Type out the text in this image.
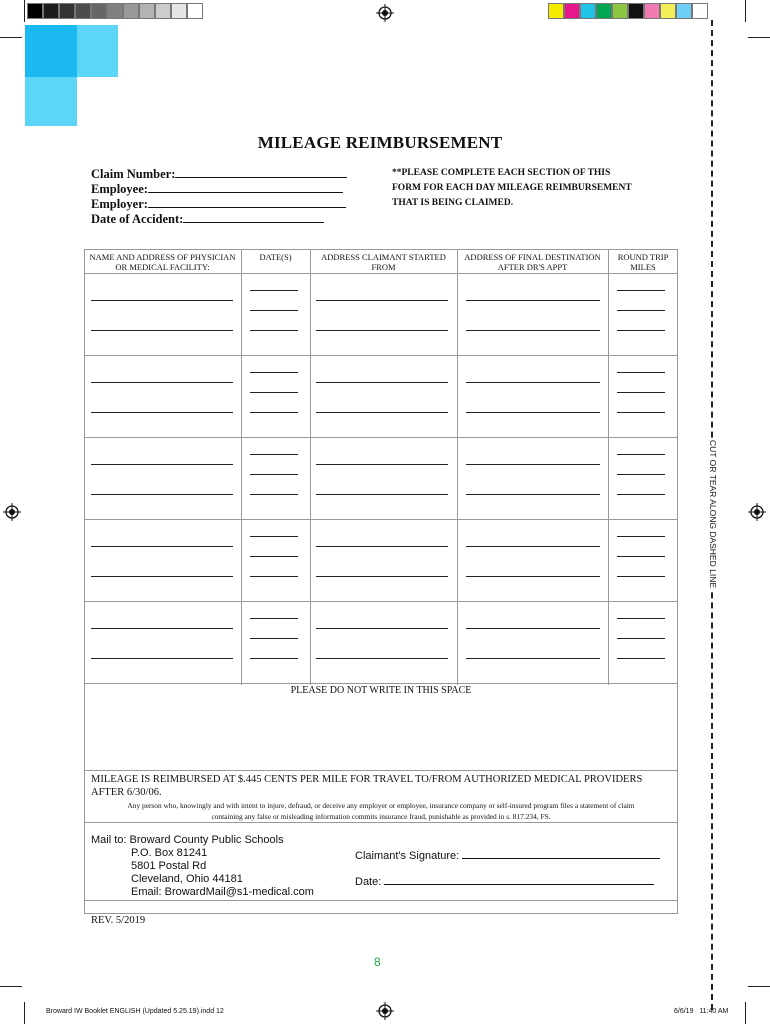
CUT OR TEAR ALONG DASHED LINE
MILEAGE REIMBURSEMENT
Claim Number:
Employee:
Employer:
Date of Accident:
**PLEASE COMPLETE EACH SECTION OF THIS
FORM FOR EACH DAY MILEAGE REIMBURSEMENT
THAT IS BEING CLAIMED.
NAME AND ADDRESS OF PHYSICIAN
OR MEDICAL FACILITY:
DATE(S)	ADDRESS CLAIMANT STARTED
FROM
ADDRESS OF FINAL DESTINATION
AFTER DR'S APPT
ROUND TRIP
MILES
PLEASE DO NOT WRITE IN THIS SPACE
MILEAGE IS REIMBURSED AT $.445 CENTS PER MILE FOR TRAVEL TO/FROM AUTHORIZED MEDICAL PROVIDERS
AFTER 6/30/06.
Any person who, knowingly and with intent to injure, defraud, or deceive any employer or employee, insurance company or self-insured program files a statement of claim
containing any false or misleading information commits insurance fraud, punishable as provided in s. 817.234, FS.
Mail to: Broward County Public Schools
P.O. Box 81241
5801 Postal Rd
Cleveland, Ohio 44181
Email: BrowardMail@s1-medical.com
Claimant's Signature:
Date:
REV. 5/2019
8
Broward IW Booklet ENGLISH (Updated 5.25.19).indd 12	6/6/19 11:40 AM
